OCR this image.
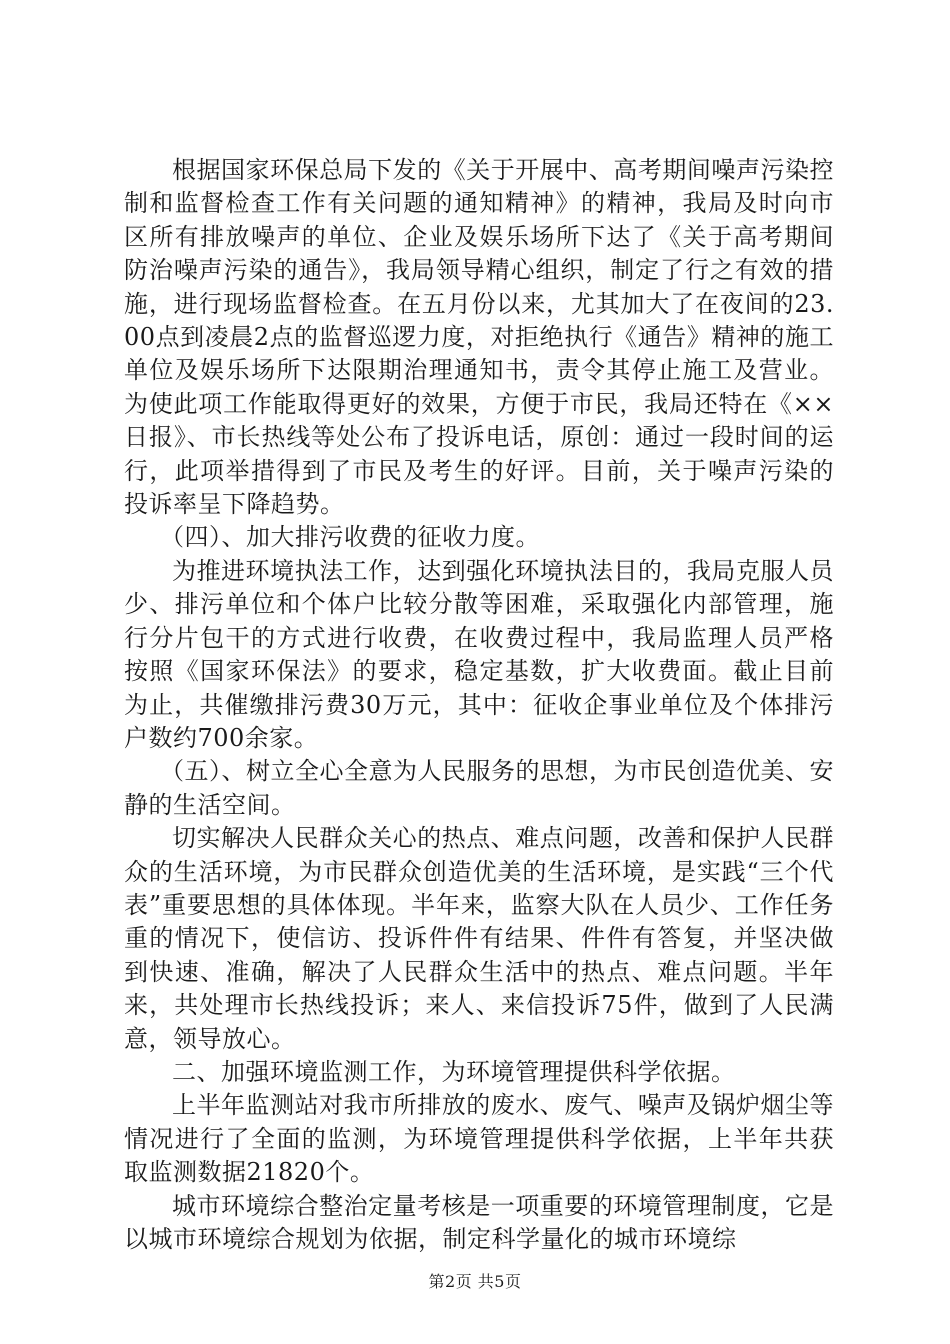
根据国家环保总局下发的《关于开展中、高考期间噪声污染控制和监督检查工作有关问题的通知精神》的精神，我局及时向市区所有排放噪声的单位、企业及娱乐场所下达了《关于高考期间防治噪声污染的通告》，我局领导精心组织，制定了行之有效的措施，进行现场监督检查。在五月份以来，尤其加大了在夜间的23.00点到凌晨2点的监督巡逻力度，对拒绝执行《通告》精神的施工单位及娱乐场所下达限期治理通知书，责令其停止施工及营业。为使此项工作能取得更好的效果，方便于市民，我局还特在《××日报》、市长热线等处公布了投诉电话，原创：通过一段时间的运行，此项举措得到了市民及考生的好评。目前，关于噪声污染的投诉率呈下降趋势。

（四）、加大排污收费的征收力度。

为推进环境执法工作，达到强化环境执法目的，我局克服人员少、排污单位和个体户比较分散等困难，采取强化内部管理，施行分片包干的方式进行收费，在收费过程中，我局监理人员严格按照《国家环保法》的要求，稳定基数，扩大收费面。截止目前为止，共催缴排污费30万元，其中：征收企事业单位及个体排污户数约700余家。

（五）、树立全心全意为人民服务的思想，为市民创造优美、安静的生活空间。

切实解决人民群众关心的热点、难点问题，改善和保护人民群众的生活环境，为市民群众创造优美的生活环境，是实践“三个代表”重要思想的具体体现。半年来，监察大队在人员少、工作任务重的情况下，使信访、投诉件件有结果、件件有答复，并坚决做到快速、准确，解决了人民群众生活中的热点、难点问题。半年来，共处理市长热线投诉；来人、来信投诉75件，做到了人民满意，领导放心。

二、加强环境监测工作，为环境管理提供科学依据。

上半年监测站对我市所排放的废水、废气、噪声及锅炉烟尘等情况进行了全面的监测，为环境管理提供科学依据，上半年共获取监测数据21820个。

城市环境综合整治定量考核是一项重要的环境管理制度，它是以城市环境综合规划为依据，制定科学量化的城市环境综

第2页 共5页
